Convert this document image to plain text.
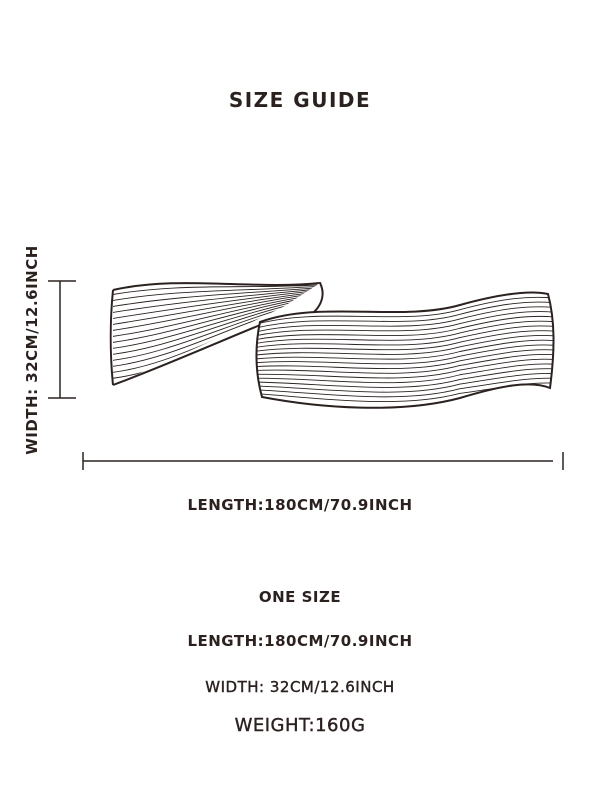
SIZE GUIDE
WIDTH: 32CM/12.6INCH
LENGTH:180CM/70.9INCH
ONE SIZE
LENGTH:180CM/70.9INCH
WIDTH: 32CM/12.6INCH
WEIGHT:160G
